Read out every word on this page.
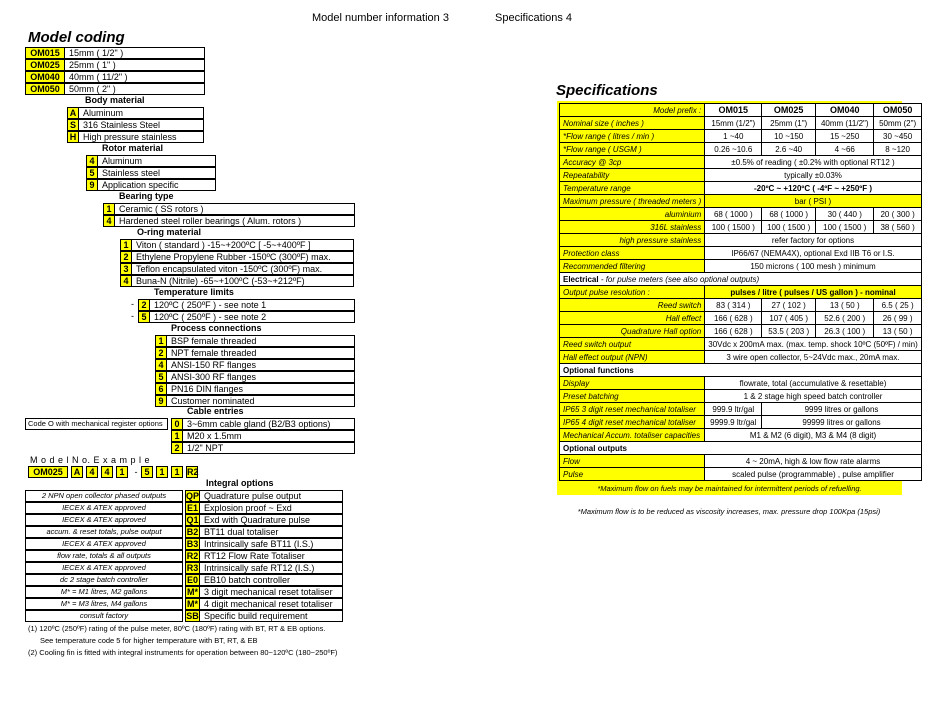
Model number information 3	Specifications 4
Model coding
OM015	15mm ( 1/2" )
OM025	25mm ( 1" )
OM040	40mm ( 11/2" )
OM050	50mm ( 2" )
Body material
A Aluminum
S 316 Stainless Steel
H High pressure stainless
Rotor material
4 Aluminum
5 Stainless steel
9 Application specific
Bearing type
1 Ceramic ( SS rotors )
4 Hardened steel roller bearings ( Alum. rotors )
O-ring material
1 Viton ( standard ) -15~+200ºC [ -5~+400ºF ]
2 Ethylene Propylene Rubber -150ºC (300ºF) max.
3 Teflon encapsulated viton -150ºC (300ºF) max.
4 Buna-N (Nitrile) -65~+100ºC (-53~+212ºF)
Temperature limits
2 120ºC ( 250ºF ) - see note 1
5 120ºC ( 250ºF ) - see note 2
-
-
Process connections
1 BSP female threaded
2 NPT female threaded
4 ANSI-150 RF flanges
5 ANSI-300 RF flanges
6 PN16 DIN flanges
9 Customer nominated
Cable entries
0 3~6mm cable gland (B2/B3 options)
1 M20 x 1.5mm
2 1/2" NPT
Code O with mechanical register options
M o d e l N o. E x a m p l e
OM025	A	4	4	1	- 5	1	1 R2
Integral options
2 NPN open collector phased outputs	QP Quadrature pulse output
IECEX & ATEX approved	E1 Explosion proof ~ Exd
IECEX & ATEX approved	Q1 Exd with Quadrature pulse
accum. & reset totals, pulse output	B2 BT11 dual totaliser
IECEX & ATEX approved	B3 Intrinsically safe BT11 (I.S.)
flow rate, totals & all outputs	R2 RT12 Flow Rate Totaliser
IECEX & ATEX approved	R3 Intrinsically safe RT12 (I.S.)
dc 2 stage batch controller	E0 EB10 batch controller
M* = M1 litres, M2 gallons	M* 3 digit mechanical reset totaliser
M* = M3 litres, M4 gallons	M* 4 digit mechanical reset totaliser
consult factory	SB Specific build requirement
(1) 120ºC (250ºF) rating of the pulse meter, 80ºC (180ºF) rating with BT, RT & EB options.
See temperature code 5 for higher temperature with BT, RT, & EB
(2) Cooling fin is fitted with integral instruments for operation between 80~120ºC (180~250ºF)
Specifications
Model prefix :	OM015	OM025	OM040	OM050
Nominal size ( inches )	15mm (1/2")	25mm (1")	40mm (11/2")	50mm (2")
*Flow range ( litres / min )	1 ~40	10 ~150	15 ~250	30 ~450
*Flow range ( USGM )	0.26 ~10.6	2.6 ~40	4 ~66	8 ~120
Accuracy @ 3cp	±0.5% of reading ( ±0.2% with optional RT12 )			
Repeatability	typically ±0.03%			
Temperature range	-20ºC ~ +120ºC ( -4ºF ~ +250ºF )			
Maximum pressure ( threaded meters )	bar ( PSI )			
aluminium	68 ( 1000 )	68 ( 1000 )	30 ( 440 )	20 ( 300 )
316L stainless	100 ( 1500 )	100 ( 1500 )	100 ( 1500 )	38 ( 560 )
high pressure stainless	refer factory for options			
Protection class	IP66/67 (NEMA4X), optional Exd IIB T6 or I.S.			
Recommended filtering	150 microns ( 100 mesh ) minimum			
Electrical - for pulse meters (see also optional outputs)				
Output pulse resolution :	pulses / litre ( pulses / US gallon ) - nominal			
Reed switch	83 ( 314 )	27 ( 102 )	13 ( 50 )	6.5 ( 25 )
Hall effect	166 ( 628 )	107 ( 405 )	52.6 ( 200 )	26 ( 99 )
Quadrature Hall option	166 ( 628 )	53.5 ( 203 )	26.3 ( 100 )	13 ( 50 )
Reed switch output	30Vdc x 200mA max. (max. temp. shock 10ºC (50ºF) / min)			
Hall effect output (NPN)	3 wire open collector, 5~24Vdc max., 20mA max.			
Optional functions				
Display	flowrate, total (accumulative & resettable)			
Preset batching	1 & 2 stage high speed batch controller			
IP65 3 digit reset mechanical totaliser	999.9 ltr/gal	9999 litres or gallons		
IP65 4 digit reset mechanical totaliser	9999.9 ltr/gal	99999 litres or gallons		
Mechanical Accum. totaliser capacities	M1 & M2 (6 digit), M3 & M4 (8 digit)			
Optional outputs				
Flow	4 ~ 20mA, high & low flow rate alarms			
Pulse	scaled pulse (programmable) , pulse amplifier			
*Maximum flow on fuels may be maintained for intermittent periods of refuelling.
*Maximum flow is to be reduced as viscosity increases, max. pressure drop 100Kpa (15psi)
